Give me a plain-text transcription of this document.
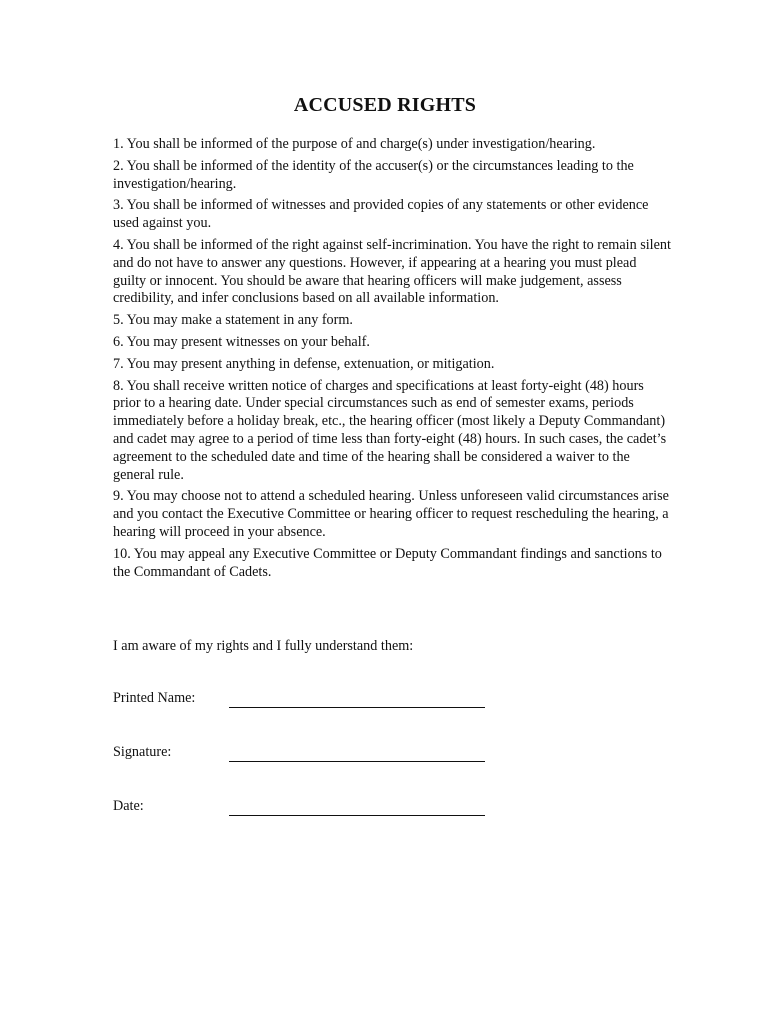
ACCUSED RIGHTS

1. You shall be informed of the purpose of and charge(s) under investigation/hearing.

2. You shall be informed of the identity of the accuser(s) or the circumstances leading to the investigation/hearing.

3. You shall be informed of witnesses and provided copies of any statements or other evidence used against you.

4. You shall be informed of the right against self-incrimination. You have the right to remain silent and do not have to answer any questions. However, if appearing at a hearing you must plead guilty or innocent. You should be aware that hearing officers will make judgement, assess credibility, and infer conclusions based on all available information.

5. You may make a statement in any form.

6. You may present witnesses on your behalf.

7. You may present anything in defense, extenuation, or mitigation.

8. You shall receive written notice of charges and specifications at least forty-eight (48) hours prior to a hearing date. Under special circumstances such as end of semester exams, periods immediately before a holiday break, etc., the hearing officer (most likely a Deputy Commandant) and cadet may agree to a period of time less than forty-eight (48) hours. In such cases, the cadet’s agreement to the scheduled date and time of the hearing shall be considered a waiver to the general rule.

9. You may choose not to attend a scheduled hearing. Unless unforeseen valid circumstances arise and you contact the Executive Committee or hearing officer to request rescheduling the hearing, a hearing will proceed in your absence.

10. You may appeal any Executive Committee or Deputy Commandant findings and sanctions to the Commandant of Cadets.

I am aware of my rights and I fully understand them:
Printed Name:
Signature:
Date:
